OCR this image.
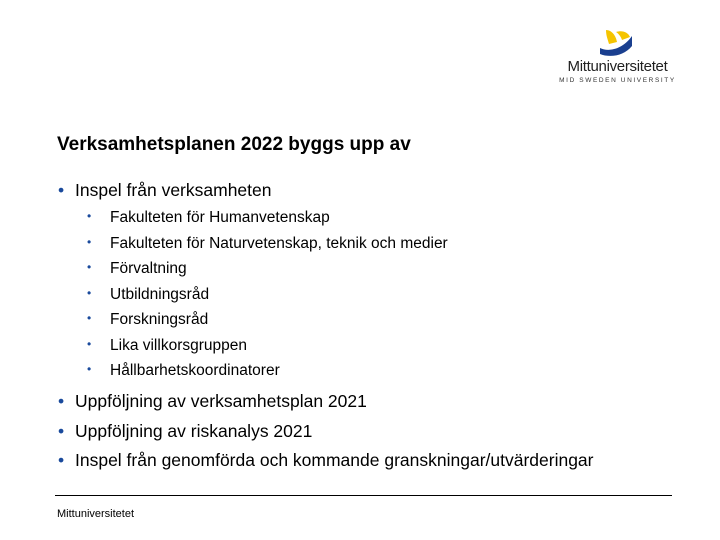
Mittuniversitetet
MID SWEDEN UNIVERSITY
Verksamhetsplanen 2022 byggs upp av
• Inspel från verksamheten
• Fakulteten för Humanvetenskap
• Fakulteten för Naturvetenskap, teknik och medier
• Förvaltning
• Utbildningsråd
• Forskningsråd
• Lika villkorsgruppen
• Hållbarhetskoordinatorer
• Uppföljning av verksamhetsplan 2021
• Uppföljning av riskanalys 2021
• Inspel från genomförda och kommande granskningar/utvärderingar
Mittuniversitetet
